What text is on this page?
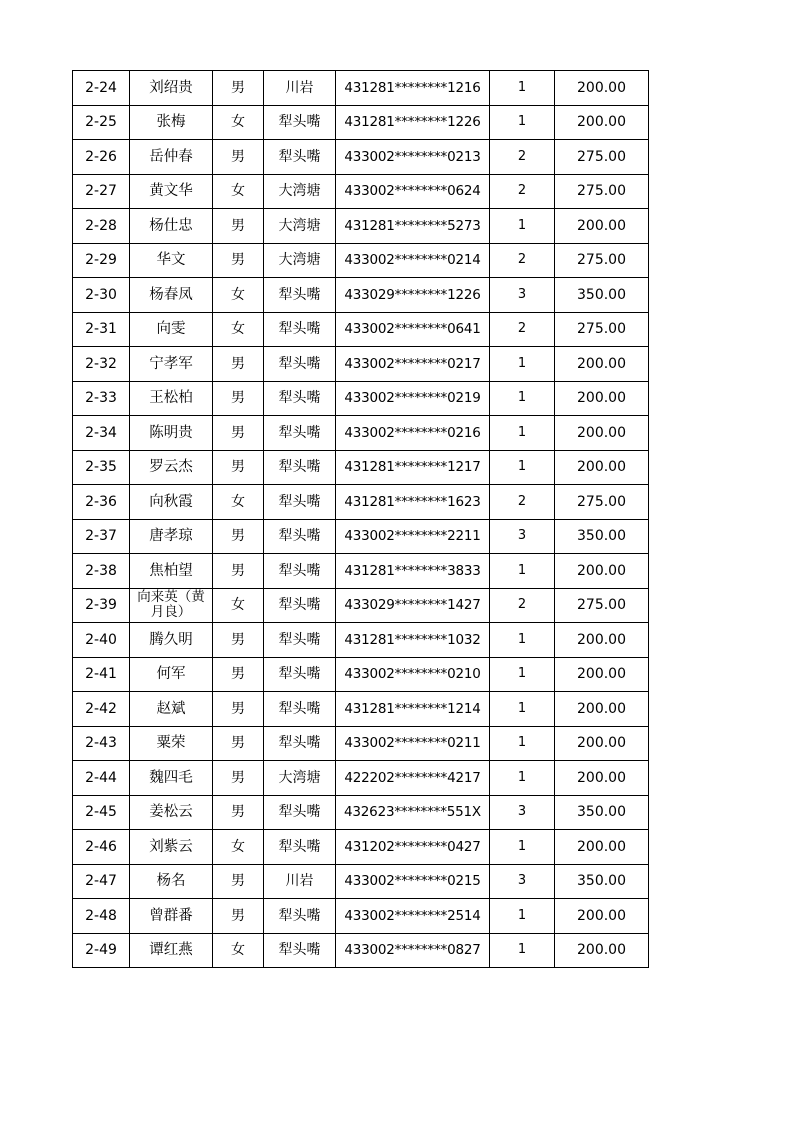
2-24	刘绍贵	男	川岩	431281********1216	1	200.00
2-25	张梅	女	犁头嘴	431281********1226	1	200.00
2-26	岳仲春	男	犁头嘴	433002********0213	2	275.00
2-27	黄文华	女	大湾塘	433002********0624	2	275.00
2-28	杨仕忠	男	大湾塘	431281********5273	1	200.00
2-29	华文	男	大湾塘	433002********0214	2	275.00
2-30	杨春凤	女	犁头嘴	433029********1226	3	350.00
2-31	向雯	女	犁头嘴	433002********0641	2	275.00
2-32	宁孝军	男	犁头嘴	433002********0217	1	200.00
2-33	王松柏	男	犁头嘴	433002********0219	1	200.00
2-34	陈明贵	男	犁头嘴	433002********0216	1	200.00
2-35	罗云杰	男	犁头嘴	431281********1217	1	200.00
2-36	向秋霞	女	犁头嘴	431281********1623	2	275.00
2-37	唐孝琼	男	犁头嘴	433002********2211	3	350.00
2-38	焦柏望	男	犁头嘴	431281********3833	1	200.00
2-39	向来英（黄月良）	女	犁头嘴	433029********1427	2	275.00
2-40	腾久明	男	犁头嘴	431281********1032	1	200.00
2-41	何军	男	犁头嘴	433002********0210	1	200.00
2-42	赵斌	男	犁头嘴	431281********1214	1	200.00
2-43	粟荣	男	犁头嘴	433002********0211	1	200.00
2-44	魏四毛	男	大湾塘	422202********4217	1	200.00
2-45	姜松云	男	犁头嘴	432623********551X	3	350.00
2-46	刘紫云	女	犁头嘴	431202********0427	1	200.00
2-47	杨名	男	川岩	433002********0215	3	350.00
2-48	曾群番	男	犁头嘴	433002********2514	1	200.00
2-49	谭红燕	女	犁头嘴	433002********0827	1	200.00
